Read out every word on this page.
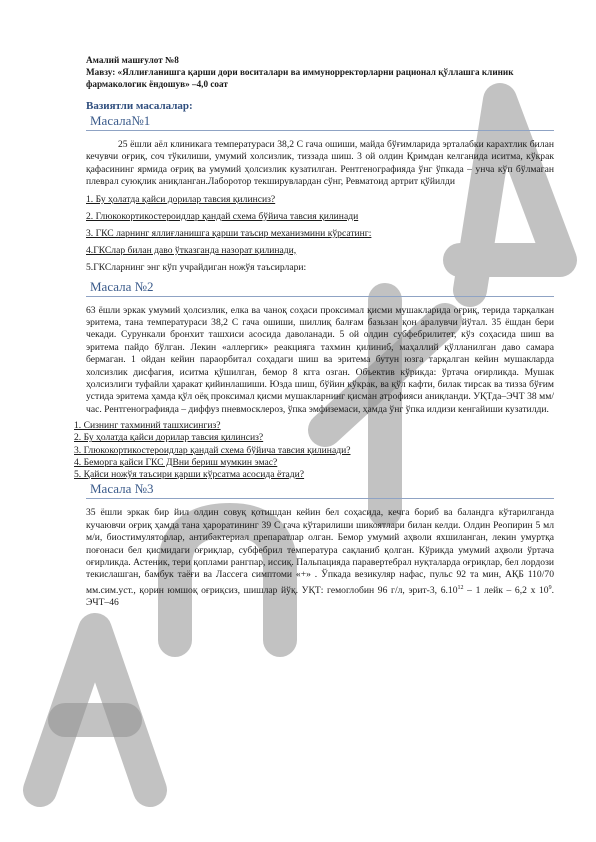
Амалий машғулот №8
Мавзу: «Яллиғланишга қарши дори воситалари ва иммунорректорларни рационал қўллашга клиник фармакологик ёндошув» –4,0 соат
Вазиятли масалалар:
Масала№1
25 ёшли аёл клиникага температураси 38,2 С гача ошиши, майда бўғимларида эрталабки карахтлик билан кечувчи оғриқ, соч тўкилиши, умумий холсизлик, тиззада шиш. 3 ой олдин Қримдан келганида иситма, кўкрак қафасининг ярмида оғриқ ва умумий ҳолсизлик кузатилган. Рентгенографияда ўнг ўпкада – унча кўп бўлмаган плеврал суюқлик аниқланган.Лаборотор текширувлардан сўнг, Ревматоид артрит қўйилди
1. Бу ҳолатда қайси дорилар тавсия қилинсиз?
2. Глюкокортикостероидлар қандай схема бўйича тавсия қилинади
3. ГКС ларнинг яллиғланишга қарши таъсир механизмини кўрсатинг:
4.ГКСлар билан даво ўтказганда назорат қилинади,
5.ГКСларнинг энг кўп учрайдиган ножўя таъсирлари:
Масала №2
63 ёшли эркак умумий ҳолсизлик, елка ва чаноқ соҳаси проксимал қисми мушакларида оғриқ, терида тарқалкан эритема, тана температураси 38,2 С гача ошиши, шиллиқ балғам базьзан қон аралувчи йўтал. 35 ёшдан бери чекади. Сурункали бронхит ташхиси асосида даволанади. 5 ой олдин субфебрилитет, кўз соҳасида шиш ва эритема пайдо бўлган. Лекин «аллергик» реакцияга тахмин қилиниб, маҳаллий қўлланилган даво самара бермаган. 1 ойдан кейин параорбитал соҳадаги шиш ва эритема бутун юзга тарқалган кейин мушакларда холсизлик дисфагия, иситма қўшилган, бемор 8 кгга озган. Объектив кўрикда: ўртача оғирликда. Мушак ҳолсизлиги туфайли ҳаракат қийинлашиши. Юзда шиш, бўйин кўкрак, ва қўл кафти, билак тирсак ва тизза бўғим устида эритема ҳамда қўл оёқ проксимал қисми мушакларнинг қисман атрофияси аниқланди. УҚТда–ЭЧТ 38 мм/час. Рентгенографияда – диффуз пневмосклероз, ўпка эмфиземаси, ҳамда ўнг ўпка илдизи кенгайиши кузатилди.
1. Сизнинг тахминий ташхисингиз?
2. Бу ҳолатда қайси дорилар тавсия қилинсиз?
3. Глюкокортикостероидлар қандай схема бўйича тавсия қилинади?
4. Беморга қайси ГКС ДВни бериш мумкин эмас?
5. Қайси ножўя таъсири қарши кўрсатма асосида ётади?
Масала №3
35 ёшли эркак бир йил олдин совуқ қотишдан кейин бел соҳасида, кечга бориб ва баландга кўтарилганда кучаювчи оғриқ ҳамда тана ҳароратининг 39 С гача кўтарилиши шикоятлари билан келди. Олдин Реопирин 5 мл м/и, биостимуляторлар, антибактериал препаратлар олган. Бемор умумий аҳволи яхшиланган, лекин умуртқа поғонаси бел қисмидаги оғриқлар, субфебрил температура сақланиб қолган. Кўрикда умумий аҳволи ўртача оғирликда. Астеник, тери қоплами рангпар, иссиқ. Пальпацияда паравертебрал нуқталарда оғриқлар, бел лордози текислашган, бамбук таёғи ва Лассега симптоми «+» . Ўпкада везикуляр нафас, пульс 92 та мин, АҚБ 110/70 мм.сим.уст., қорин юмшоқ оғриқсиз, шишлар йўқ. УҚТ: гемоглобин 96 г/л, эрит-3, 6.10$^{12}$ – 1 лейк – 6,2 х $10^9$. ЭЧТ–46
